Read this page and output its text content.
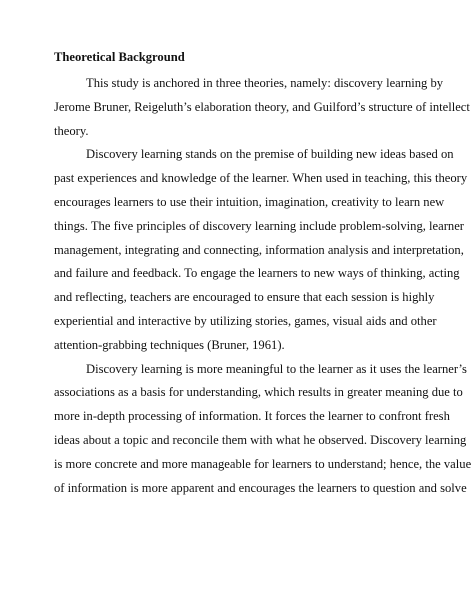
Theoretical Background
This study is anchored in three theories, namely: discovery learning by
Jerome Bruner, Reigeluth’s elaboration theory, and Guilford’s structure of intellect
theory.
Discovery learning stands on the premise of building new ideas based on
past experiences and knowledge of the learner. When used in teaching, this theory
encourages learners to use their intuition, imagination, creativity to learn new
things. The five principles of discovery learning include problem-solving, learner
management, integrating and connecting, information analysis and interpretation,
and failure and feedback. To engage the learners to new ways of thinking, acting
and reflecting, teachers are encouraged to ensure that each session is highly
experiential and interactive by utilizing stories, games, visual aids and other
attention-grabbing techniques (Bruner, 1961).
Discovery learning is more meaningful to the learner as it uses the learner’s
associations as a basis for understanding, which results in greater meaning due to
more in-depth processing of information. It forces the learner to confront fresh
ideas about a topic and reconcile them with what he observed. Discovery learning
is more concrete and more manageable for learners to understand; hence, the value
of information is more apparent and encourages the learners to question and solve
